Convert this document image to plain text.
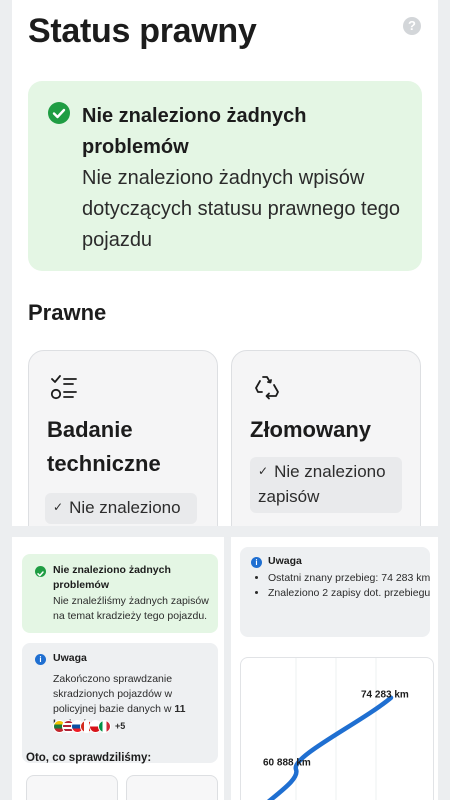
Status prawny	?
Nie znaleziono żadnych problemów
Nie znaleziono żadnych wpisów dotyczących statusu prawnego tego pojazdu
Prawne
Badanie techniczne
✓ Nie znaleziono
Złomowany
✓ Nie znaleziono zapisów
Nie znaleziono żadnych problemów
Nie znaleźliśmy żadnych zapisów na temat kradzieży tego pojazdu.
i	Uwaga
Zakończono sprawdzanie skradzionych pojazdów w policyjnej bazie danych w 11
+5
Oto, co sprawdziliśmy:
i Uwaga
• Ostatni znany przebieg: 74 283 km
• Znaleziono 2 zapisy dot. przebiegu
60 888 km
74 283 km
